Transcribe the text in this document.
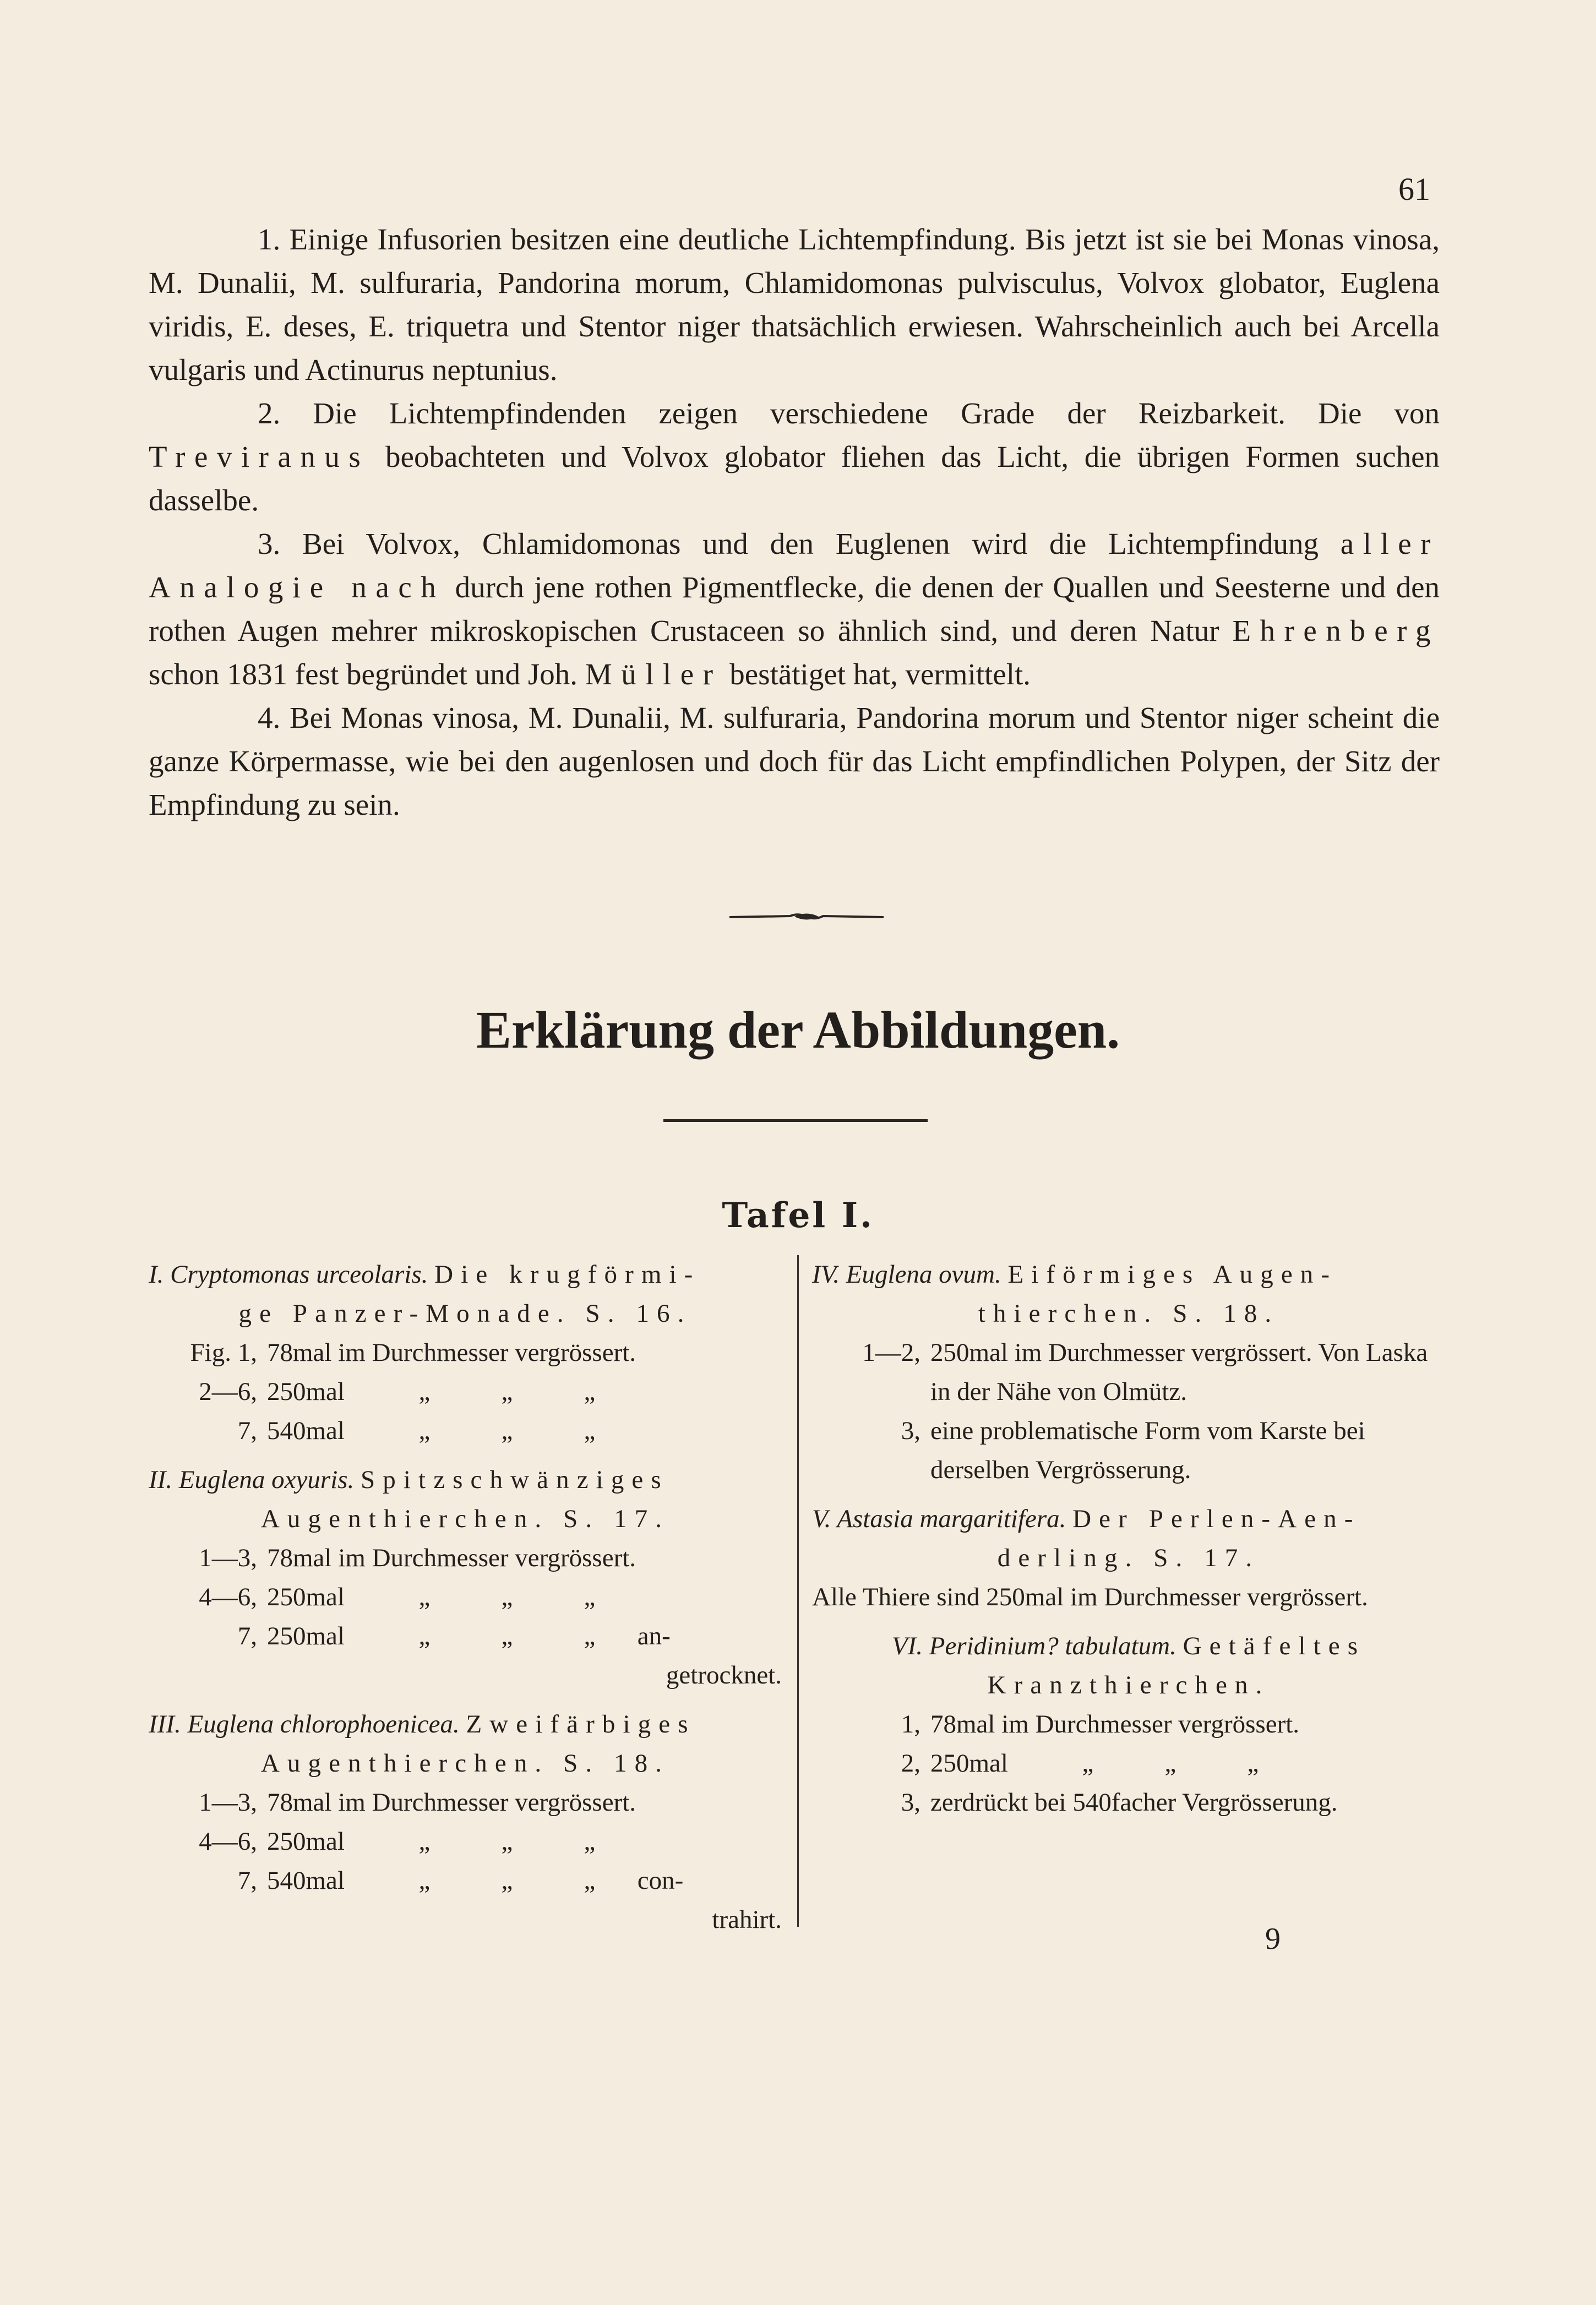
61

1. Einige Infusorien besitzen eine deutliche Lichtempfindung. Bis jetzt ist sie bei Monas vinosa, M. Dunalii, M. sulfuraria, Pandorina morum, Chlamidomonas pulvisculus, Volvox globator, Euglena viridis, E. deses, E. triquetra und Stentor niger thatsächlich erwiesen. Wahrscheinlich auch bei Arcella vulgaris und Actinurus neptunius.

2. Die Lichtempfindenden zeigen verschiedene Grade der Reizbarkeit. Die von Treviranus beobachteten und Volvox globator fliehen das Licht, die übrigen Formen suchen dasselbe.

3. Bei Volvox, Chlamidomonas und den Euglenen wird die Lichtempfindung aller Analogie nach durch jene rothen Pigmentflecke, die denen der Quallen und Seesterne und den rothen Augen mehrer mikroskopischen Crustaceen so ähnlich sind, und deren Natur Ehrenberg schon 1831 fest begründet und Joh. Müller bestätiget hat, vermittelt.

4. Bei Monas vinosa, M. Dunalii, M. sulfuraria, Pandorina morum und Stentor niger scheint die ganze Körpermasse, wie bei den augenlosen und doch für das Licht empfindlichen Polypen, der Sitz der Empfindung zu sein.

Erklärung der Abbildungen.
Tafel I.
I. Cryptomonas urceolaris. Die krugförmi-
ge Panzer-Monade. S. 16.
Fig. 1, 78mal im Durchmesser vergrössert.
2—6, 250mal	„	„	„
7, 540mal	„	„	„
II. Euglena oxyuris. Spitzschwänziges
Augenthierchen. S. 17.
1—3, 78mal im Durchmesser vergrössert.
4—6, 250mal	„	„	„
7, 250mal	„	„	„ an-
getrocknet.
III. Euglena chlorophoenicea. Zweifärbiges
Augenthierchen. S. 18.
1—3, 78mal im Durchmesser vergrössert.
4—6, 250mal	„	„	„
7, 540mal	„	„	„ con-
trahirt.
IV. Euglena ovum. Eiförmiges Augen-
thierchen. S. 18.
1—2, 250mal im Durchmesser vergrössert. Von Laska in der Nähe von Olmütz.
3, eine problematische Form vom Karste bei derselben Vergrösserung.
V. Astasia margaritifera. Der Perlen-Aen-
derling. S. 17.
Alle Thiere sind 250mal im Durchmesser vergrössert.
VI. Peridinium? tabulatum. Getäfeltes
Kranzthierchen.
1, 78mal im Durchmesser vergrössert.
2, 250mal	„	„	„
3, zerdrückt bei 540facher Vergrösserung.
9
